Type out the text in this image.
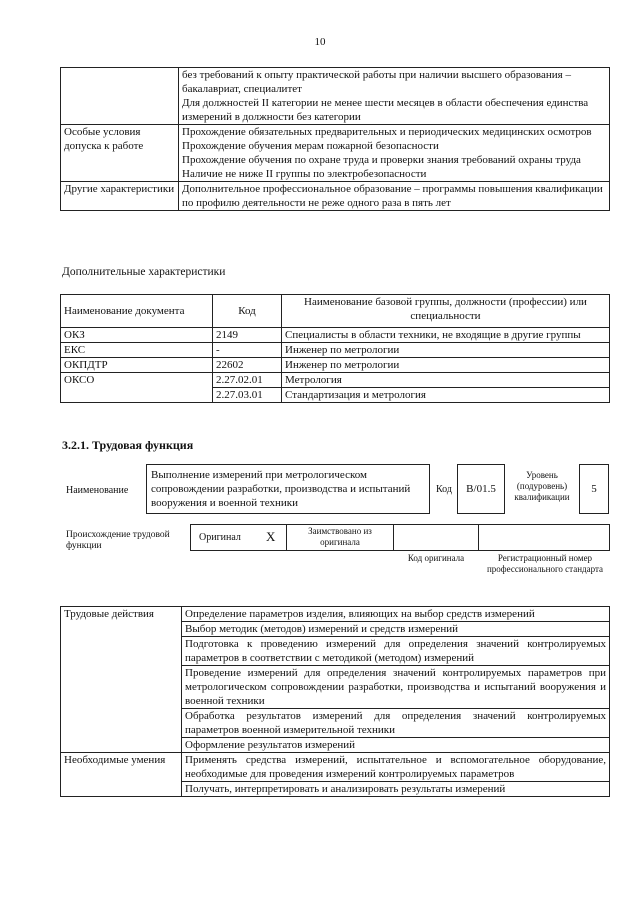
10

	без требований к опыту практической работы при наличии высшего образования – бакалавриат, специалитет
Для должностей II категории не менее шести месяцев в области обеспечения единства измерений в должности без категории

Особые условия допуска к работе	Прохождение обязательных предварительных и периодических медицинских осмотров
Прохождение обучения мерам пожарной безопасности
Прохождение обучения по охране труда и проверки знания требований охраны труда
Наличие не ниже II группы по электробезопасности

Другие характеристики	Дополнительное профессиональное образование – программы повышения квалификации по профилю деятельности не реже одного раза в пять лет
Дополнительные характеристики
Наименование документа	Код	Наименование базовой группы, должности (профессии) или специальности
ОКЗ	2149	Специалисты в области техники, не входящие в другие группы
ЕКС	-	Инженер по метрологии
ОКПДТР	22602	Инженер по метрологии
ОКСО	2.27.02.01	Метрология
	2.27.03.01	Стандартизация и метрология
3.2.1. Трудовая функция
Наименование
Выполнение измерений при метрологическом сопровождении разработки, производства и испытаний вооружения и военной техники
Код В/01.5
Уровень (подуровень) квалификации
5
Происхождение трудовой функции
Оригинал X	Заимствовано из оригинала
Код оригинала	Регистрационный номер профессионального стандарта
Трудовые действия		Определение параметров изделия, влияющих на выбор средств измерений
Выбор методик (методов) измерений и средств измерений
Подготовка к проведению измерений для определения значений контролируемых параметров в соответствии с методикой (методом) измерений
Проведение измерений для определения значений контролируемых параметров при метрологическом сопровождении разработки, производства и испытаний вооружения и военной техники
Обработка результатов измерений для определения значений контролируемых параметров военной измерительной техники
Оформление результатов измерений

Необходимые умения	Применять средства измерений, испытательное и вспомогательное оборудование, необходимые для проведения измерений контролируемых параметров
Получать, интерпретировать и анализировать результаты измерений
